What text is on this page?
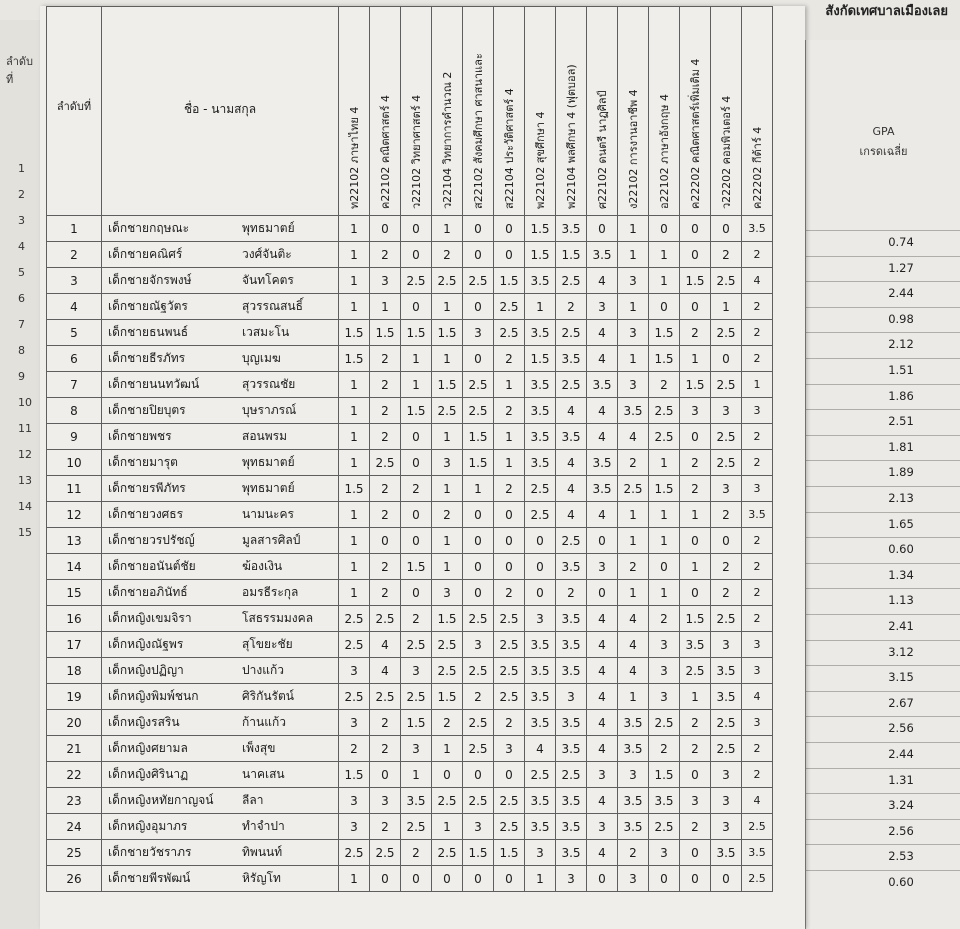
สังกัดเทศบาลเมืองเลย
ลำดับที่
1
2
3
4
5
6
7
8
9
10
11
12
13
14
15
GPA
เกรดเฉลี่ย
0.74
1.27
2.44
0.98
2.12
1.51
1.86
2.51
1.81
1.89
2.13
1.65
0.60
1.34
1.13
2.41
3.12
3.15
2.67
2.56
2.44
1.31
3.24
2.56
2.53
0.60
ลำดับที่	ชื่อ - นามสกุล		ท22102 ภาษาไทย 4	ค22102 คณิตศาสตร์ 4	ว22102 วิทยาศาสตร์ 4	ว22104 วิทยาการคำนวณ 2	ส22102 สังคมศึกษา ศาสนาและ	ส22104 ประวัติศาสตร์ 4	พ22102 สุขศึกษา 4	พ22104 พลศึกษา 4 (ฟุตบอล)	ศ22102 ดนตรี นาฏศิลป์	ง22102 การงานอาชีพ 4	อ22102 ภาษาอังกฤษ 4	ค22202 คณิตศาสตร์เพิ่มเติม 4	ว22202 คอมพิวเตอร์ 4	ค22202 กีต้าร์ 4

1	เด็กชายกฤษณะ	พุทธมาตย์	1	0	0	1	0	0	1.5	3.5	0	1	0	0	0	3.5
2	เด็กชายคณิศร์	วงศ์จันติะ	1	2	0	2	0	0	1.5	1.5	3.5	1	1	0	2	2
3	เด็กชายจักรพงษ์	จันทโคตร	1	3	2.5	2.5	2.5	1.5	3.5	2.5	4	3	1	1.5	2.5	4
4	เด็กชายณัฐวัตร	สุวรรณสนธิ์	1	1	0	1	0	2.5	1	2	3	1	0	0	1	2
5	เด็กชายธนพนธ์	เวสมะโน	1.5	1.5	1.5	1.5	3	2.5	3.5	2.5	4	3	1.5	2	2.5	2
6	เด็กชายธีรภัทร	บุญเมฆ	1.5	2	1	1	0	2	1.5	3.5	4	1	1.5	1	0	2
7	เด็กชายนนทวัฒน์	สุวรรณชัย	1	2	1	1.5	2.5	1	3.5	2.5	3.5	3	2	1.5	2.5	1
8	เด็กชายปิยบุตร	บุษราภรณ์	1	2	1.5	2.5	2.5	2	3.5	4	4	3.5	2.5	3	3	3
9	เด็กชายพชร	สอนพรม	1	2	0	1	1.5	1	3.5	3.5	4	4	2.5	0	2.5	2
10	เด็กชายมารุต	พุทธมาตย์	1	2.5	0	3	1.5	1	3.5	4	3.5	2	1	2	2.5	2
11	เด็กชายรพีภัทร	พุทธมาตย์	1.5	2	2	1	1	2	2.5	4	3.5	2.5	1.5	2	3	3
12	เด็กชายวงศธร	นามนะคร	1	2	0	2	0	0	2.5	4	4	1	1	1	2	3.5
13	เด็กชายวรปรัชญ์	มูลสารศิลป์	1	0	0	1	0	0	0	2.5	0	1	1	0	0	2
14	เด็กชายอนันต์ชัย	ฆ้องเงิน	1	2	1.5	1	0	0	0	3.5	3	2	0	1	2	2
15	เด็กชายอภินัทธ์	อมรธีระกุล	1	2	0	3	0	2	0	2	0	1	1	0	2	2
16	เด็กหญิงเขมจิรา	โสธรรมมงคล	2.5	2.5	2	1.5	2.5	2.5	3	3.5	4	4	2	1.5	2.5	2
17	เด็กหญิงณัฐพร	สุโขยะชัย	2.5	4	2.5	2.5	3	2.5	3.5	3.5	4	4	3	3.5	3	3
18	เด็กหญิงปฏิญา	ปางแก้ว	3	4	3	2.5	2.5	2.5	3.5	3.5	4	4	3	2.5	3.5	3
19	เด็กหญิงพิมพ์ชนก	ศิริกันรัตน์	2.5	2.5	2.5	1.5	2	2.5	3.5	3	4	1	3	1	3.5	4
20	เด็กหญิงรสริน	ก้านแก้ว	3	2	1.5	2	2.5	2	3.5	3.5	4	3.5	2.5	2	2.5	3
21	เด็กหญิงศยามล	เพ็งสุข	2	2	3	1	2.5	3	4	3.5	4	3.5	2	2	2.5	2
22	เด็กหญิงศิรินาฏ	นาคเสน	1.5	0	1	0	0	0	2.5	2.5	3	3	1.5	0	3	2
23	เด็กหญิงหทัยกาญจน์	ลีลา	3	3	3.5	2.5	2.5	2.5	3.5	3.5	4	3.5	3.5	3	3	4
24	เด็กหญิงอุมาภร	ทำจำปา	3	2	2.5	1	3	2.5	3.5	3.5	3	3.5	2.5	2	3	2.5
25	เด็กชายวัชราภร	ทิพนนท์	2.5	2.5	2	2.5	1.5	1.5	3	3.5	4	2	3	0	3.5	3.5
26	เด็กชายพีรพัฒน์	หิรัญโท	1	0	0	0	0	0	1	3	0	3	0	0	0	2.5
